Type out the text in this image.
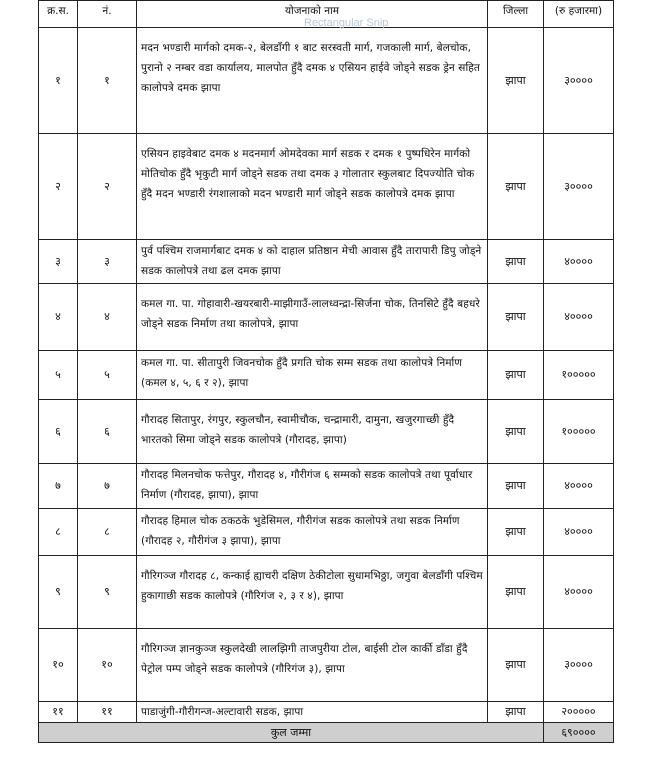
क्र.स.	नं.	योजनाको नाम	जिल्ला	(रु हजारमा)
१	१	मदन भण्डारी मार्गको दमक-२, बेलडाँगी १ बाट सरस्वती मार्ग, गजकाली मार्ग, बेलचोक, पुरानो २ नम्बर वडा कार्यालय, मालपोत हुँदै दमक ४ एसियन हाईवे जोड्ने सडक ड्रेन सहित कालोपत्रे दमक झापा	झापा	३००००
२	२	एसियन हाइवेबाट दमक ४ मदनमार्ग ओमदेवका मार्ग सडक र दमक १ पुष्पधिरेन मार्गको मोतिचोक हुँदै भृकुटी मार्ग जोड्ने सडक तथा दमक ३ गोलातार स्कुलबाट दिपज्योति चोक हुँदै मदन भण्डारी रंगशालाको मदन भण्डारी मार्ग जोड्ने सडक कालोपत्रे दमक झापा	झापा	३००००
३	३	पुर्व पश्चिम राजमार्गबाट दमक ४ को दाहाल प्रतिष्ठान मेची आवास हुँदै तारापारी डिपु जोड्ने सडक कालोपत्रे तथा ढल दमक झापा	झापा	४००००
४	४	कमल गा. पा. गोहावारी-खयरबारी-माझीगाउँ-लालध्वन्द्रा-सिर्जना चोक, तिनसिटे हुँदै बहधरे जोड्ने सडक निर्माण तथा कालोपत्रे, झापा	झापा	४००००
५	५	कमल गा. पा. सीतापुरी जिवनचोक हुँदै प्रगति चोक सम्म सडक तथा कालोपत्रे निर्माण (कमल ४, ५, ६ र २), झापा	झापा	१०००००
६	६	गौरादह सितापुर, रंगपुर, स्कुलचौन, स्वामीचौक, चन्द्रामारी, दामुना, खजुरगाच्छी हुँदै भारतको सिमा जोड्ने सडक कालोपत्रे (गौरादह, झापा)	झापा	१०००००
७	७	गौरादह मिलनचोक फत्तेपुर, गौरादह ४, गौरीगंज ६ सम्मको सडक कालोपत्रे तथा पूर्वाधार निर्माण (गौरादह, झापा), झापा	झापा	४००००
८	८	गौरादह हिमाल चोक ठकठके भुडेसिमल, गौरीगंज सडक कालोपत्रे तथा सडक निर्माण (गौरादह २, गौरीगंज ३ झापा), झापा	झापा	४००००
९	९	गौरिगञ्ज गौरादह ८, कन्काई ह्याचरी दक्षिण ठेकीटोला सुधामभिठ्ठा, जगुवा बेलडाँगी पश्चिम हुकागाछी सडक कालोपत्रे (गौरिगंज २, ३ र ४), झापा	झापा	४००००
१०	१०	गौरिगञ्ज ज्ञानकुञ्ज स्कुलदेखी लालझिगी ताजपुरीया टोल, बाईसी टोल कार्की डाँडा हुँदै पेट्रोल पम्प जोड्ने सडक कालोपत्रे (गौरिगंज ३), झापा	झापा	३००००
११	११	पाडाजुंगी-गौरीगन्ज-अल्टावारी सडक, झापा	झापा	२०००००
कुल जम्मा				६९००००
Rectangular Snip
